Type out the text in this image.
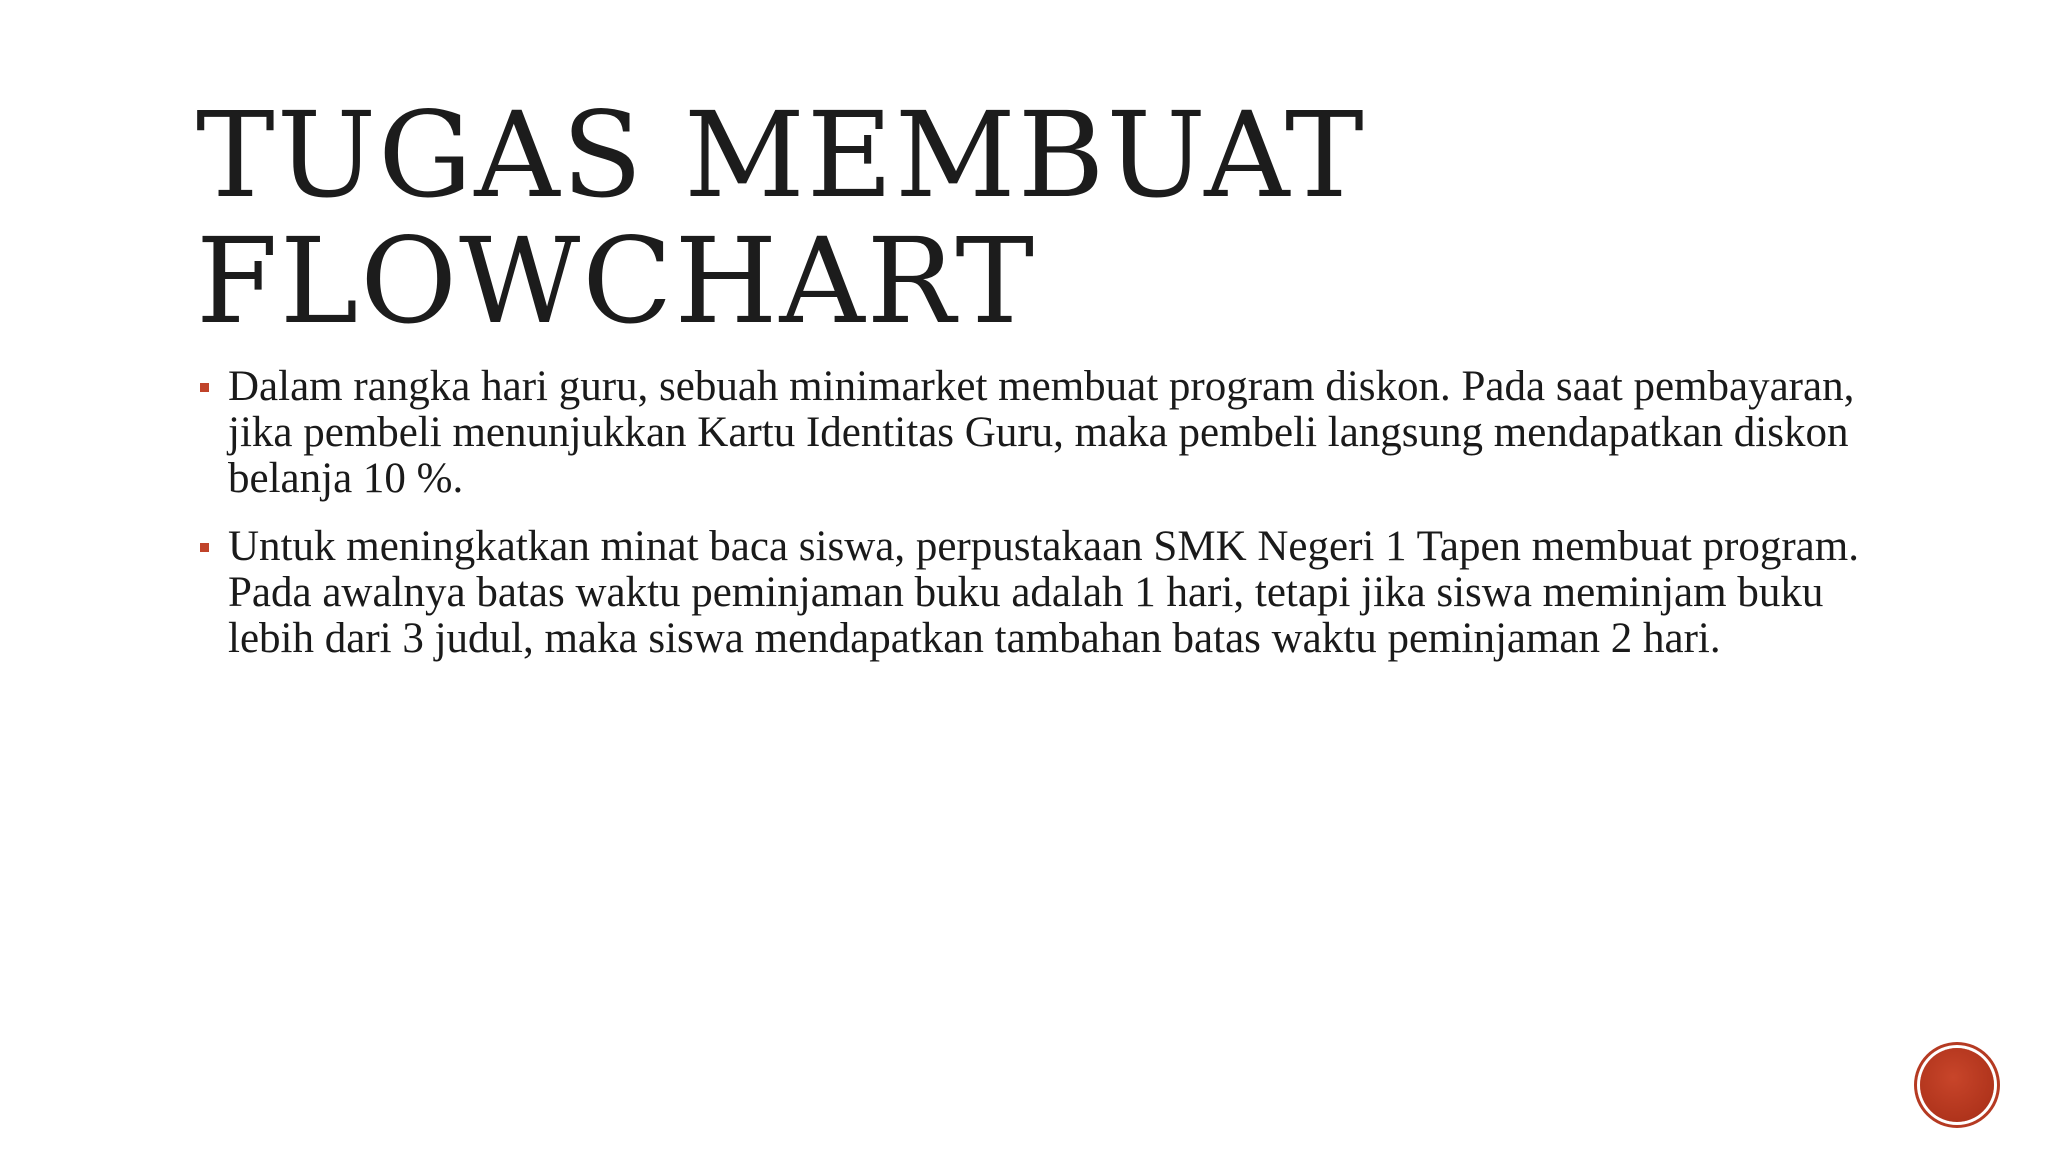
TUGAS MEMBUAT
FLOWCHART
Dalam rangka hari guru, sebuah minimarket membuat program diskon. Pada saat pembayaran, jika pembeli menunjukkan Kartu Identitas Guru, maka pembeli langsung mendapatkan diskon belanja 10 %.
Untuk meningkatkan minat baca siswa, perpustakaan SMK Negeri 1 Tapen membuat program. Pada awalnya batas waktu peminjaman buku adalah 1 hari, tetapi jika siswa meminjam buku lebih dari 3 judul, maka siswa mendapatkan tambahan batas waktu peminjaman 2 hari.
